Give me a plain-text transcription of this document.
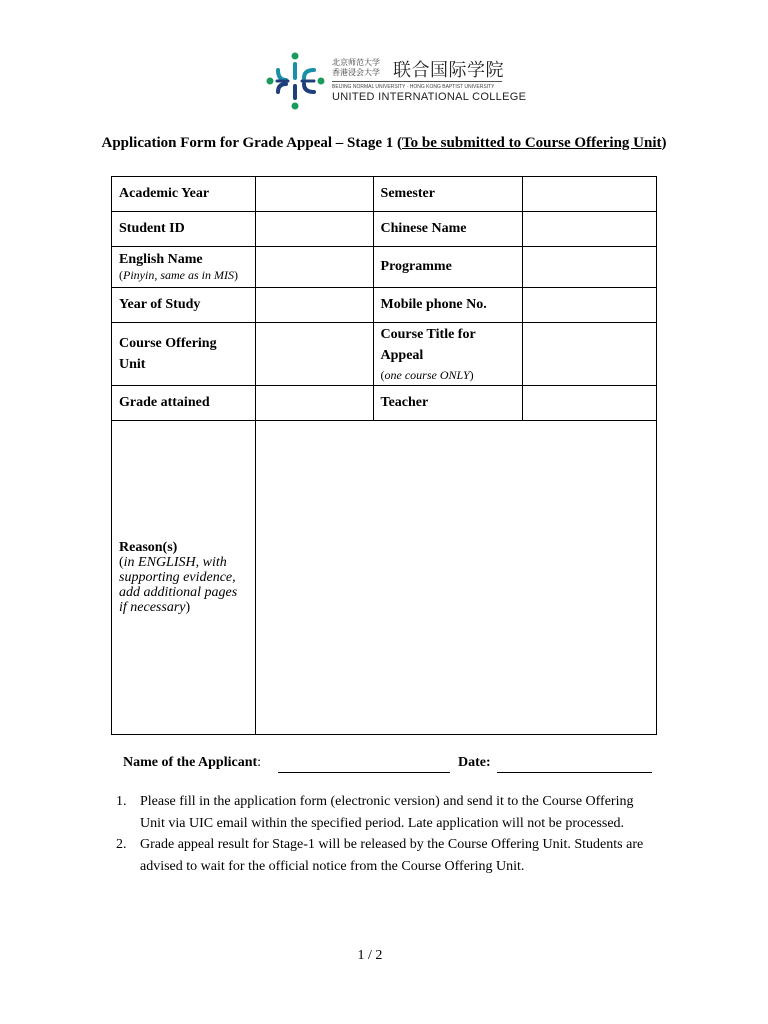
北京师范大学
香港浸会大学 联合国际学院
BEIJING NORMAL UNIVERSITY · HONG KONG BAPTIST UNIVERSITY
UNITED INTERNATIONAL COLLEGE
Application Form for Grade Appeal – Stage 1 (To be submitted to Course Offering Unit)
Academic Year		Semester	
Student ID		Chinese Name	

English Name
(Pinyin, same as in MIS)		Programme	
Year of Study		Mobile phone No.	

Course Offering Unit		Course Title for Appeal
(one course ONLY)	

Grade attained		Teacher	

Reason(s)
(in ENGLISH, with supporting evidence, add additional pages if necessary)			

Name of the Applicant:	Date:
1. Please fill in the application form (electronic version) and send it to the Course Offering Unit via UIC email within the specified period. Late application will not be processed.
2. Grade appeal result for Stage-1 will be released by the Course Offering Unit. Students are advised to wait for the official notice from the Course Offering Unit.
1 / 2
